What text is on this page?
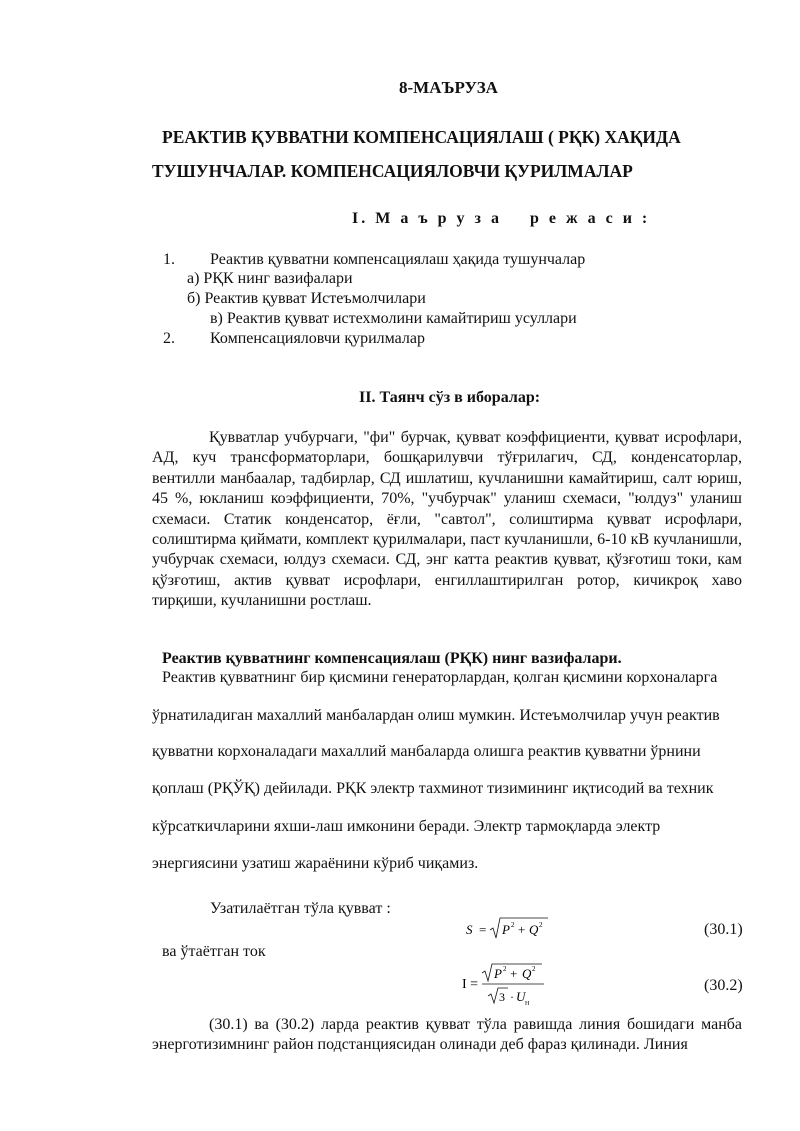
8-МАЪРУЗА
РЕАКТИВ ҚУВВАТНИ КОМПЕНСАЦИЯЛАШ ( РҚК) ХАҚИДА
ТУШУНЧАЛАР. КОМПЕНСАЦИЯЛОВЧИ ҚУРИЛМАЛАР
I. М а ъ р у з а    р е ж а с и :
1. Реактив қувватни компенсациялаш ҳақида тушунчалар
а) РҚК нинг вазифалари
б) Реактив қувват Истеъмолчилари
в) Реактив қувват истехмолини камайтириш усуллари
2. Компенсацияловчи қурилмалар
II. Таянч сўз в иборалар:
Қувватлар учбурчаги, "фи" бурчак, қувват коэффициенти, қувват исрофлари, АД, куч трансформаторлари, бошқарилувчи тўғрилагич, СД, конденсаторлар, вентилли манбаалар, тадбирлар, СД ишлатиш, кучланишни камайтириш, салт юриш, 45 %, юкланиш коэффициенти, 70%, "учбурчак" уланиш схемаси, "юлдуз" уланиш схемаси. Статик конденсатор, ёғли, "савтол", солиштирма қувват исрофлари, солиштирма қиймати, комплект қурилмалари, паст кучланишли, 6-10 кВ кучланишли, учбурчак схемаси, юлдуз схемаси. СД, энг катта реактив қувват, қўзғотиш токи, кам қўзғотиш, актив қувват исрофлари, енгиллаштирилган ротор, кичикроқ хаво тирқиши, кучланишни ростлаш.
Реактив қувватнинг компенсациялаш (РҚК) нинг вазифалари.
Реактив қувватнинг бир қисмини генераторлардан, қолган қисмини корхоналарга
ўрнатиладиган махаллий манбалардан олиш мумкин. Истеъмолчилар учун реактив
қувватни корхоналадаги махаллий манбаларда олишга реактив қувватни ўрнини
қоплаш (РҚЎҚ) дейилади. РҚК электр тахминот тизимининг иқтисодий ва техник
кўрсаткичларини яхши-лаш имконини беради. Электр тармоқларда электр
энергиясини узатиш жараёнини кўриб чиқамиз.
Узатилаётган тўла қувват :
S = P 2 + Q 2	(30.1)
ва ўтаётган ток
I =
P 2 + Q 2
3 · U Н
(30.2)
(30.1) ва (30.2) ларда реактив қувват тўла равишда линия бошидаги манба энерготизимнинг район подстанциясидан олинади деб фараз қилинади. Линия
